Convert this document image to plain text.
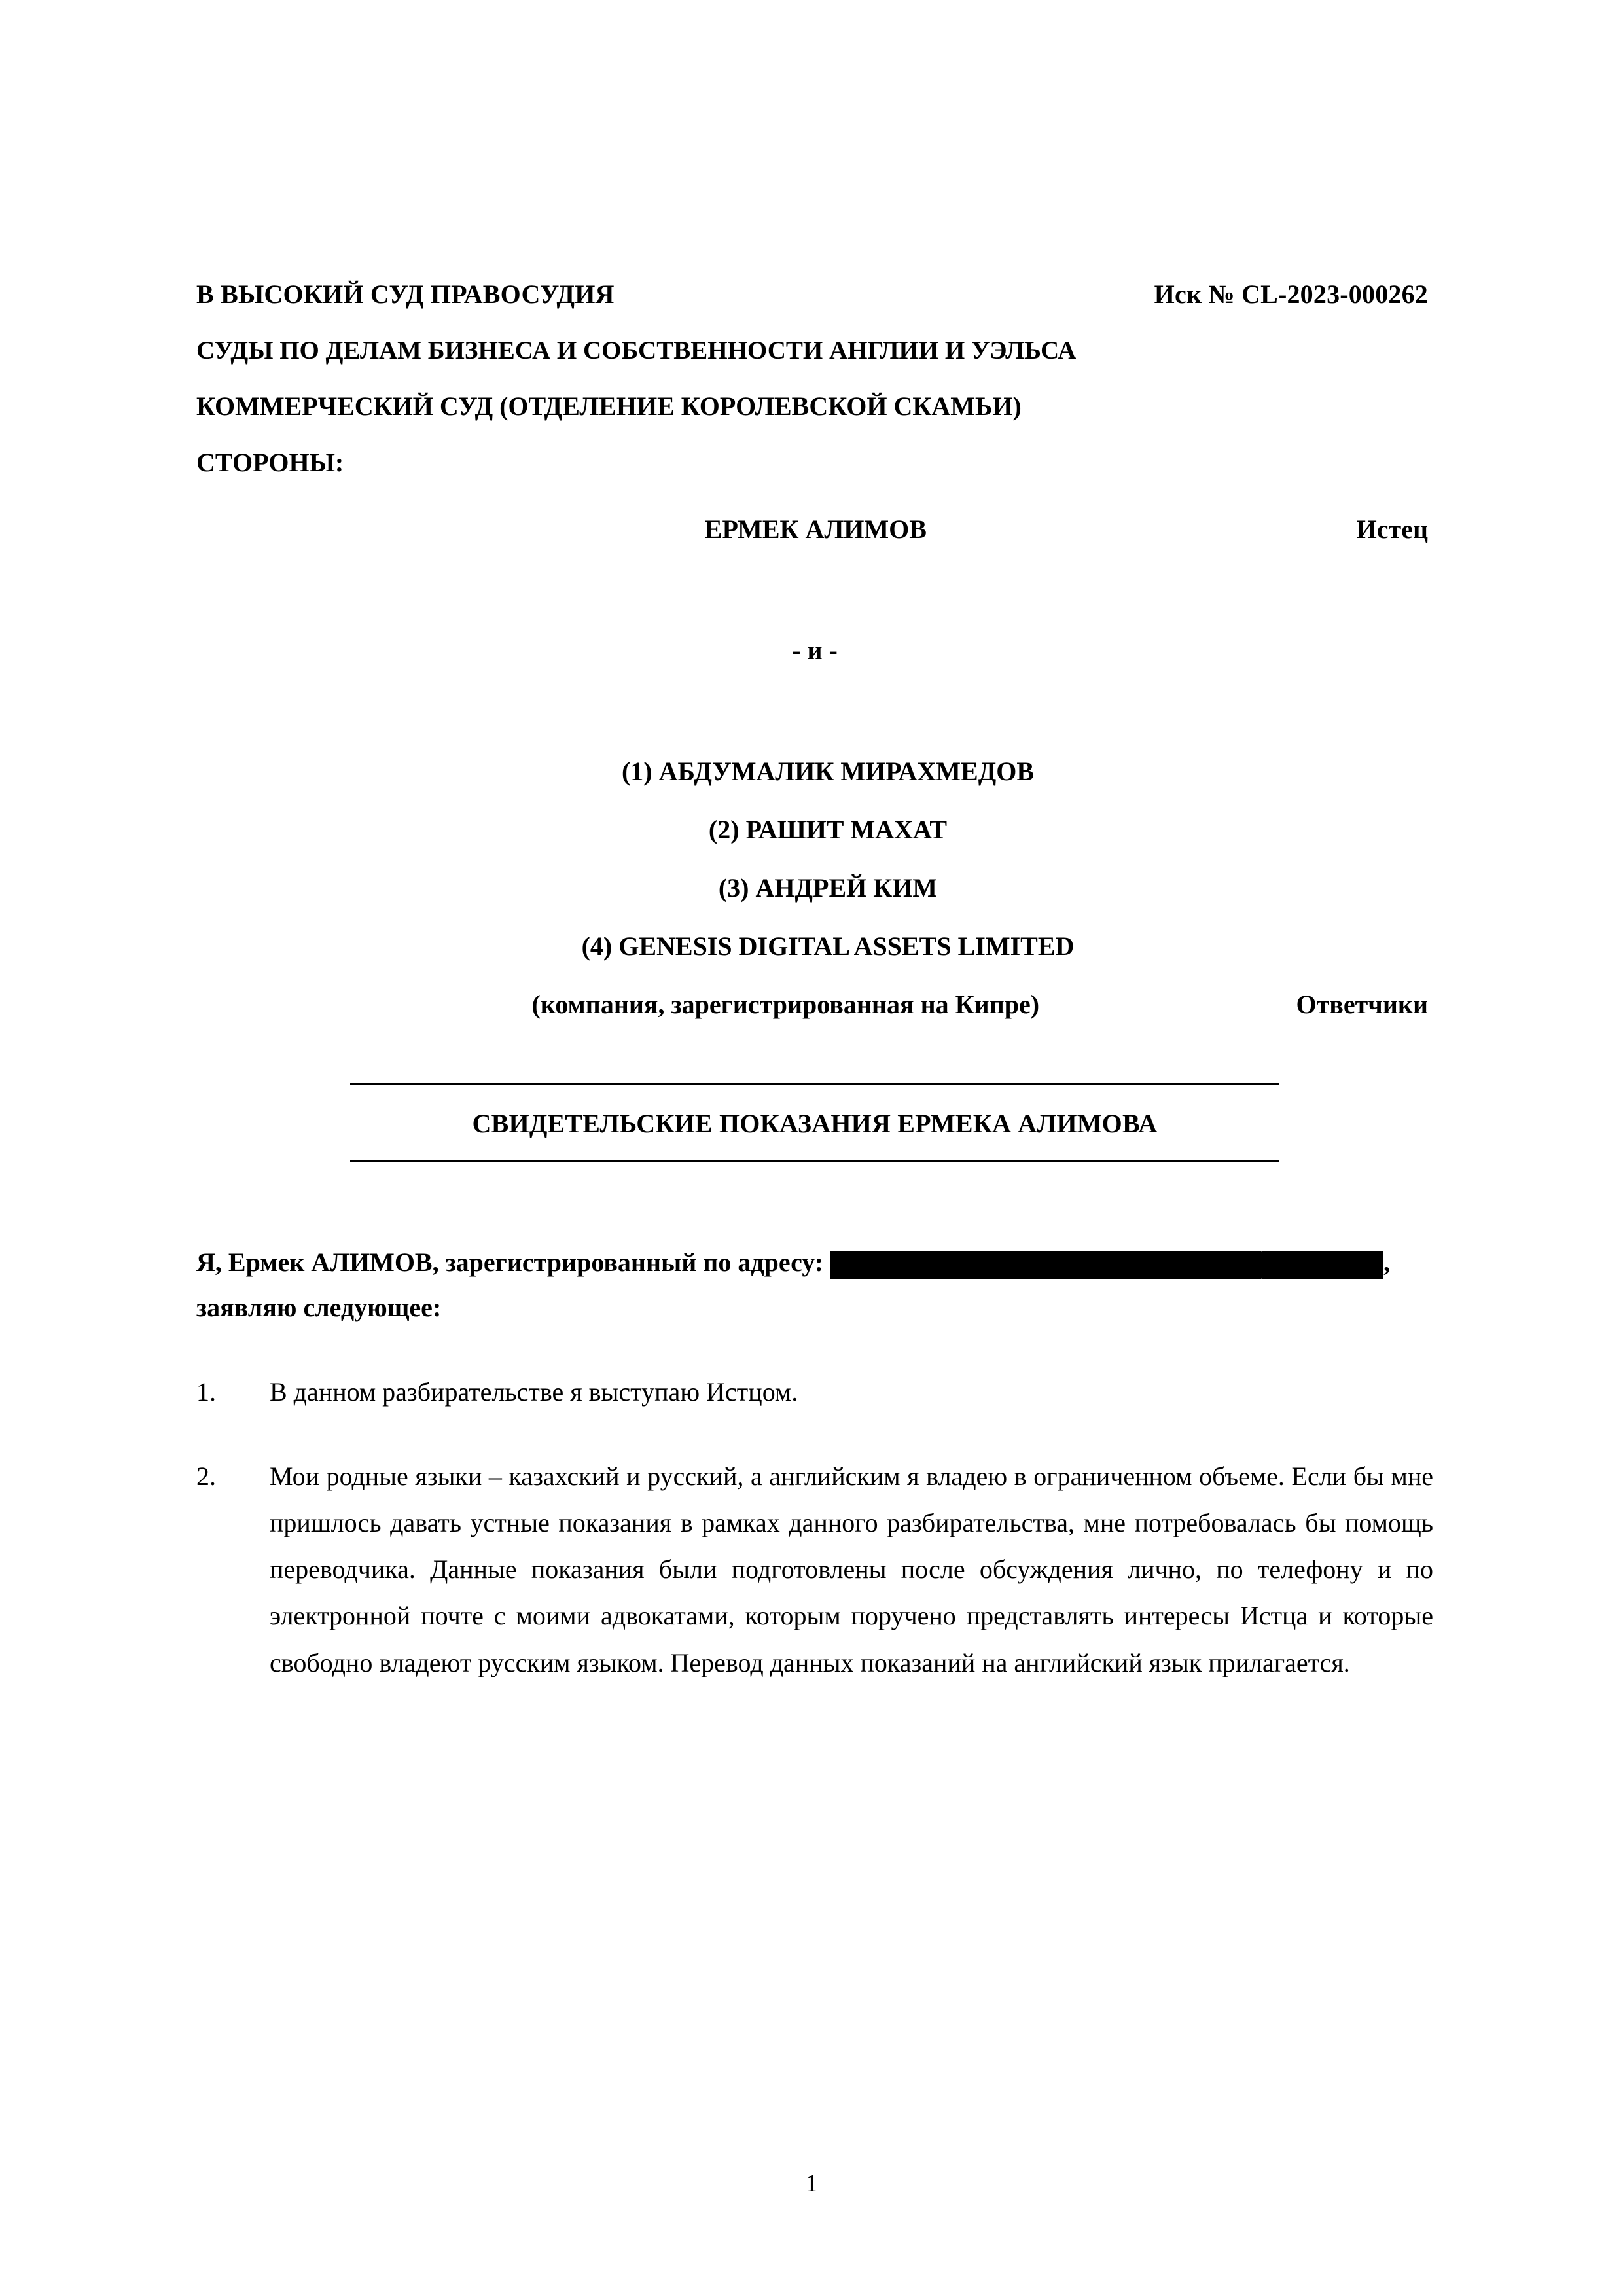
В ВЫСОКИЙ СУД ПРАВОСУДИЯ	Иск № CL-2023-000262
СУДЫ ПО ДЕЛАМ БИЗНЕСА И СОБСТВЕННОСТИ АНГЛИИ И УЭЛЬСА
КОММЕРЧЕСКИЙ СУД (ОТДЕЛЕНИЕ КОРОЛЕВСКОЙ СКАМЬИ)
СТОРОНЫ:
ЕРМЕК АЛИМОВ	Истец
- и -
(1) АБДУМАЛИК МИРАХМЕДОВ
(2) РАШИТ МАХАТ
(3) АНДРЕЙ КИМ
(4) GENESIS DIGITAL ASSETS LIMITED
(компания, зарегистрированная на Кипре)	Ответчики
СВИДЕТЕЛЬСКИЕ ПОКАЗАНИЯ ЕРМЕКА АЛИМОВА
Я, Ермек АЛИМОВ, зарегистрированный по адресу:	, заявляю следующее:
1.	В данном разбирательстве я выступаю Истцом.
2.	Мои родные языки – казахский и русский, а английским я владею в ограниченном объеме. Если бы мне пришлось давать устные показания в рамках данного разбирательства, мне потребовалась бы помощь переводчика. Данные показания были подготовлены после обсуждения лично, по телефону и по электронной почте с моими адвокатами, которым поручено представлять интересы Истца и которые свободно владеют русским языком. Перевод данных показаний на английский язык прилагается.
1
